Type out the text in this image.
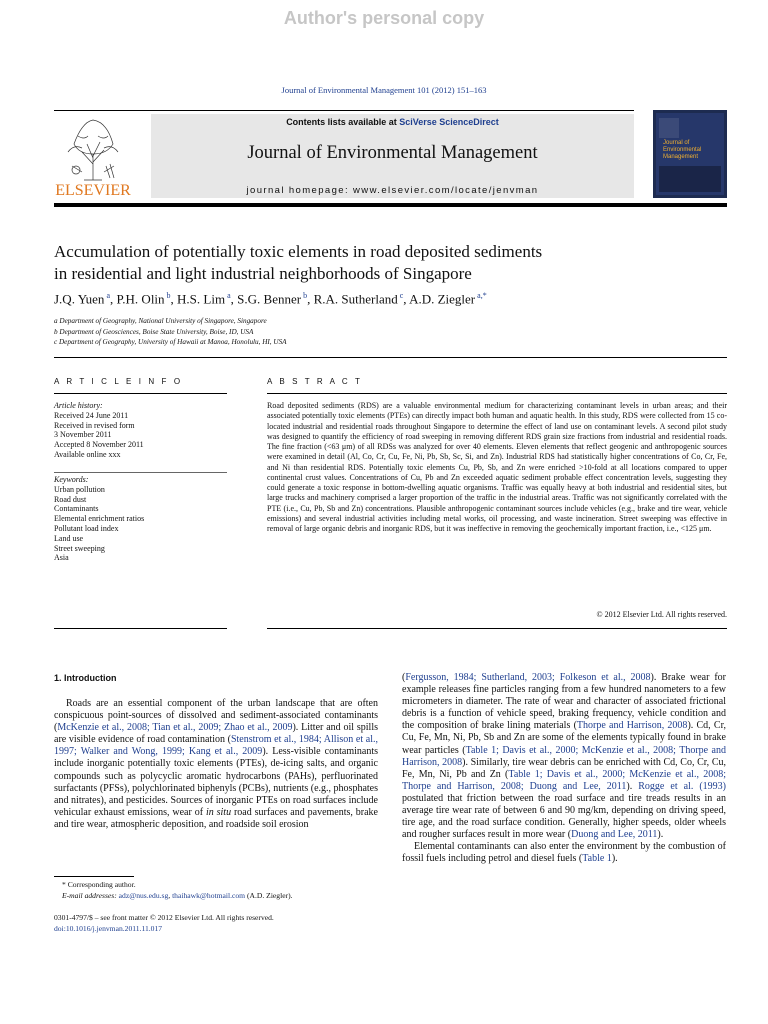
Author's personal copy
Journal of Environmental Management 101 (2012) 151–163
ELSEVIER
Contents lists available at SciVerse ScienceDirect
Journal of Environmental Management
journal homepage: www.elsevier.com/locate/jenvman
Journal of
Environmental
Management
Accumulation of potentially toxic elements in road deposited sediments
in residential and light industrial neighborhoods of Singapore
J.Q. Yuen $^a$, P.H. Olin $^b$, H.S. Lim $^a$, S.G. Benner $^b$, R.A. Sutherland $^c$, A.D. Ziegler $^{a,*}$
a Department of Geography, National University of Singapore, Singapore
b Department of Geosciences, Boise State University, Boise, ID, USA
c Department of Geography, University of Hawaii at Manoa, Honolulu, HI, USA
A R T I C L E I N F O	A B S T R A C T
Article history:
Received 24 June 2011
Received in revised form
3 November 2011
Accepted 8 November 2011
Available online xxx
Keywords:
Urban pollution
Road dust
Contaminants
Elemental enrichment ratios
Pollutant load index
Land use
Street sweeping
Asia
Road deposited sediments (RDS) are a valuable environmental medium for characterizing contaminant levels in urban areas; and their associated potentially toxic elements (PTEs) can directly impact both human and aquatic health. In this study, RDS were collected from 15 co-located industrial and residential roads throughout Singapore to determine the effect of land use on contaminant levels. A second pilot study was designed to quantify the efficiency of road sweeping in removing different RDS grain size fractions from industrial and residential roads. The fine fraction (<63 μm) of all RDSs was analyzed for over 40 elements. Eleven elements that reflect geogenic and anthropogenic sources were examined in detail (Al, Co, Cr, Cu, Fe, Ni, Pb, Sb, Sc, Si, and Zn). Industrial RDS had statistically higher concentrations of Co, Cr, Fe, and Ni than residential RDS. Potentially toxic elements Cu, Pb, Sb, and Zn were enriched >10-fold at all locations compared to upper continental crust values. Concentrations of Cu, Pb and Zn exceeded aquatic sediment probable effect concentration levels, suggesting they could generate a toxic response in bottom-dwelling aquatic organisms. Traffic was equally heavy at both industrial and residential sites, but large trucks and machinery comprised a larger proportion of the traffic in the industrial areas. Traffic was not significantly correlated with the PTE (i.e., Cu, Pb, Sb and Zn) concentrations. Plausible anthropogenic contaminant sources include vehicles (e.g., brake and tire wear, vehicle emissions) and several industrial activities including metal works, oil processing, and waste incineration. Street sweeping was effective in removal of large organic debris and inorganic RDS, but it was ineffective in removing the geochemically important fraction, i.e., <125 μm.
© 2012 Elsevier Ltd. All rights reserved.
1. Introduction
Roads are an essential component of the urban landscape that are often conspicuous point-sources of dissolved and sediment-associated contaminants (McKenzie et al., 2008; Tian et al., 2009; Zhao et al., 2009). Litter and oil spills are visible evidence of road contamination (Stenstrom et al., 1984; Allison et al., 1997; Walker and Wong, 1999; Kang et al., 2009). Less-visible contaminants include inorganic potentially toxic elements (PTEs), de-icing salts, and organic compounds such as polycyclic aromatic hydrocarbons (PAHs), perfluorinated surfactants (PFSs), polychlorinated biphenyls (PCBs), nutrients (e.g., phosphates and nitrates), and pesticides. Sources of inorganic PTEs on road surfaces include vehicular exhaust emissions, wear of in situ road surfaces and pavements, brake and tire wear, atmospheric deposition, and roadside soil erosion

(Fergusson, 1984; Sutherland, 2003; Folkeson et al., 2008). Brake wear for example releases fine particles ranging from a few hundred nanometers to a few micrometers in diameter. The rate of wear and character of associated frictional debris is a function of vehicle speed, braking frequency, vehicle condition and the composition of brake lining materials (Thorpe and Harrison, 2008). Cd, Cr, Cu, Fe, Mn, Ni, Pb, Sb and Zn are some of the elements typically found in brake wear particles (Table 1; Davis et al., 2000; McKenzie et al., 2008; Thorpe and Harrison, 2008). Similarly, tire wear debris can be enriched with Cd, Co, Cr, Cu, Fe, Mn, Ni, Pb and Zn (Table 1; Davis et al., 2000; McKenzie et al., 2008; Thorpe and Harrison, 2008; Duong and Lee, 2011). Rogge et al. (1993) postulated that friction between the road surface and tire treads results in an average tire wear rate of between 6 and 90 mg/km, depending on driving speed, tire age, and the road surface condition. Generally, higher speeds, older wheels and rougher surfaces result in more wear (Duong and Lee, 2011).

Elemental contaminants can also enter the environment by the combustion of fossil fuels including petrol and diesel fuels (Table 1).

* Corresponding author.
E-mail addresses: adz@nus.edu.sg, thaihawk@hotmail.com (A.D. Ziegler).
0301-4797/$ – see front matter © 2012 Elsevier Ltd. All rights reserved.
doi:10.1016/j.jenvman.2011.11.017
